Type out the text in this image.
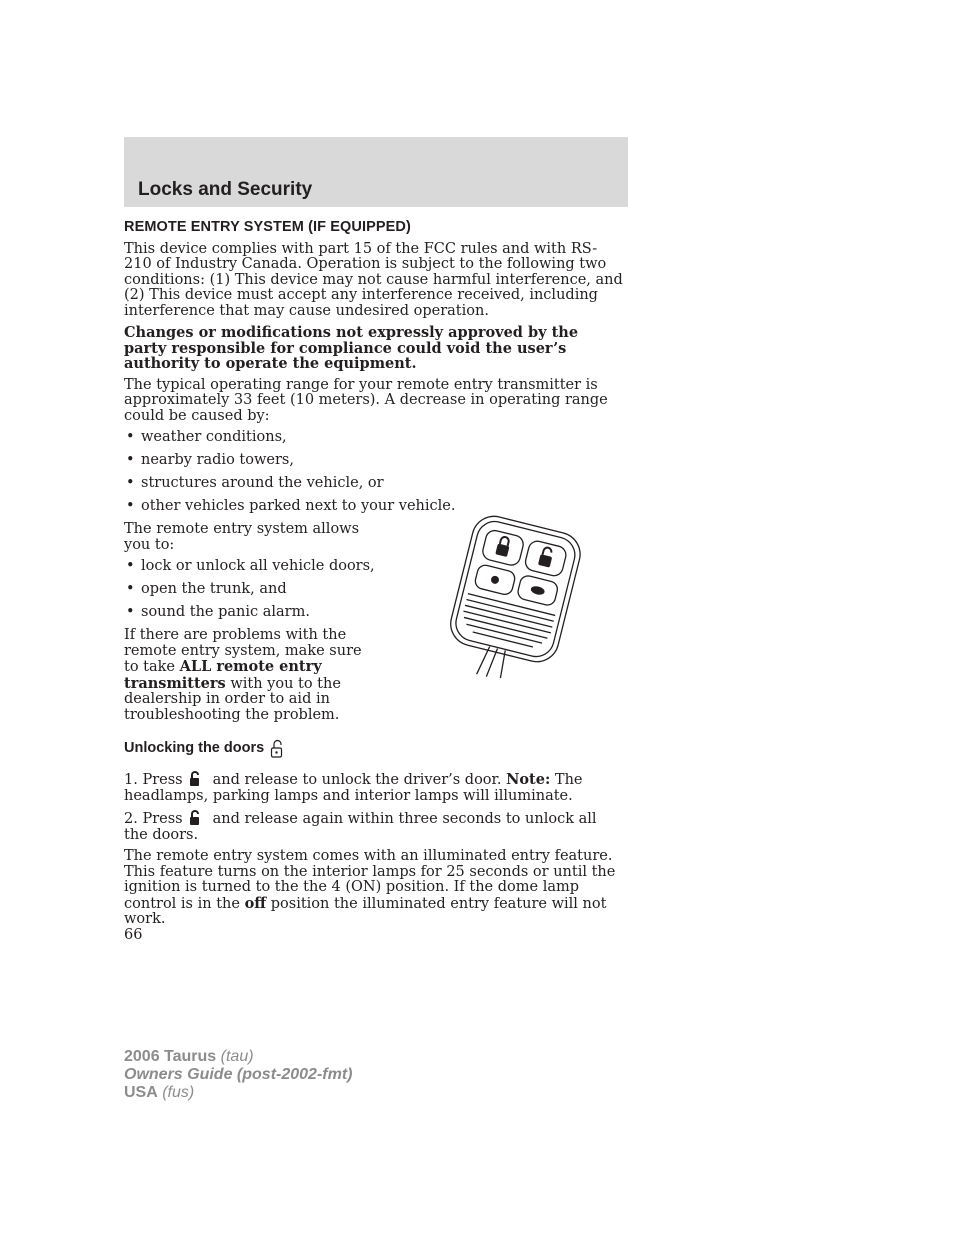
Locks and Security
REMOTE ENTRY SYSTEM (IF EQUIPPED)

This device complies with part 15 of the FCC rules and with RS-210 of Industry Canada. Operation is subject to the following two conditions: (1) This device may not cause harmful interference, and (2) This device must accept any interference received, including interference that may cause undesired operation.

Changes or modifications not expressly approved by the party responsible for compliance could void the user’s authority to operate the equipment.

The typical operating range for your remote entry transmitter is approximately 33 feet (10 meters). A decrease in operating range could be caused by:

• weather conditions,
• nearby radio towers,
• structures around the vehicle, or
• other vehicles parked next to your vehicle.

The remote entry system allows you to:

• lock or unlock all vehicle doors,
• open the trunk, and
• sound the panic alarm.

If there are problems with the remote entry system, make sure to take ALL remote entry transmitters with you to the dealership in order to aid in troubleshooting the problem.

Unlocking the doors

1. Press and release to unlock the driver’s door. Note: The headlamps, parking lamps and interior lamps will illuminate.

2. Press and release again within three seconds to unlock all the doors.

The remote entry system comes with an illuminated entry feature. This feature turns on the interior lamps for 25 seconds or until the ignition is turned to the the 4 (ON) position. If the dome lamp control is in the off position the illuminated entry feature will not work.

66
2006 Taurus (tau)
Owners Guide (post-2002-fmt)
USA (fus)
